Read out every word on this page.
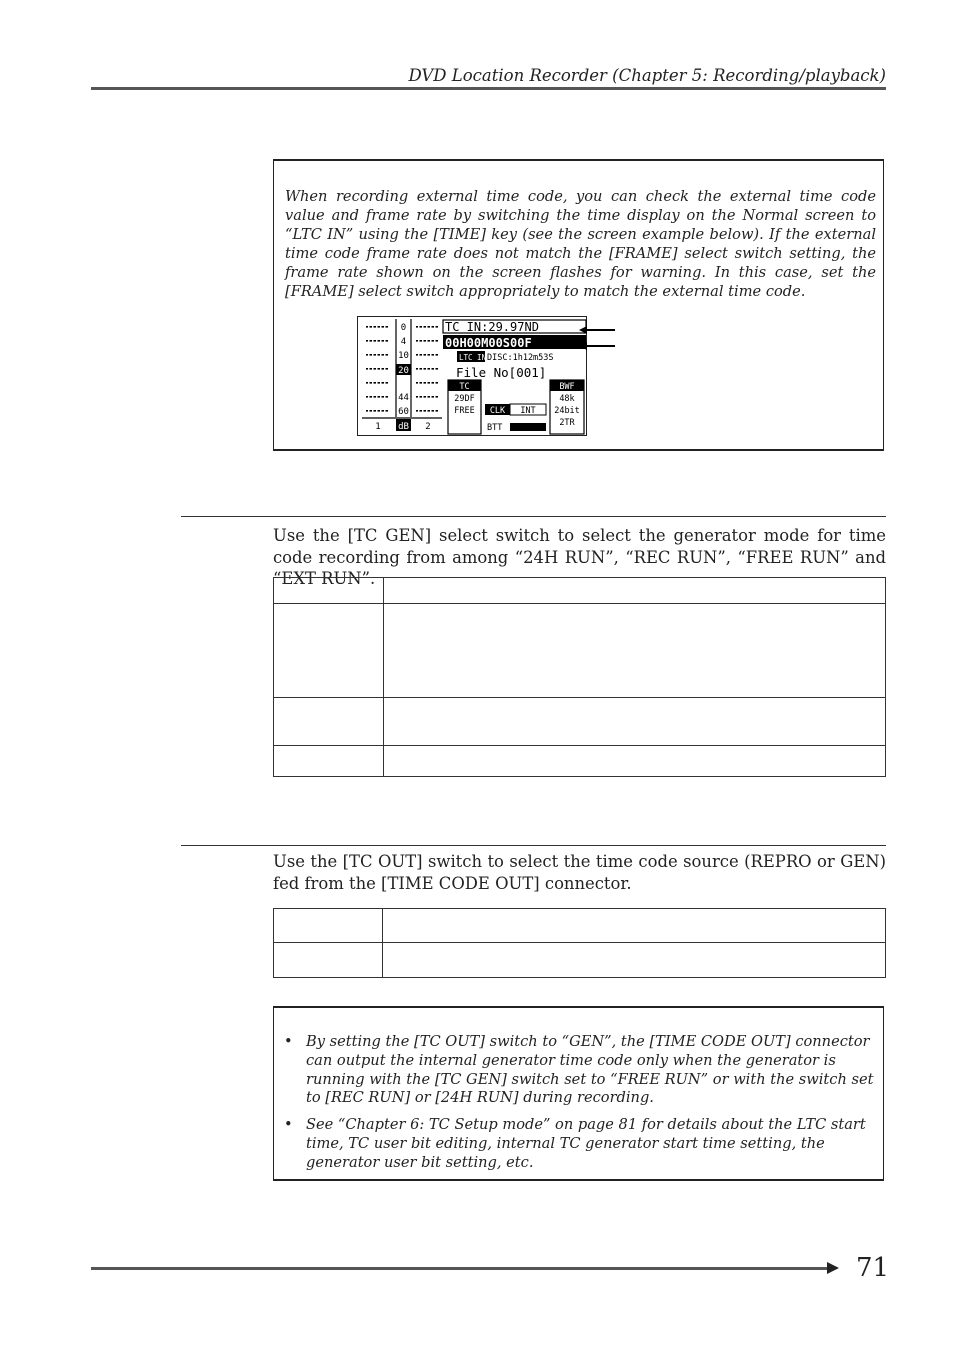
DVD Location Recorder (Chapter 5: Recording/playback)
When recording external time code, you can check the external time code value and frame rate by switching the time display on the Normal screen to “LTC IN” using the [TIME] key (see the screen example below). If the external time code frame rate does not match the [FRAME] select switch setting, the frame rate shown on the screen flashes for warning. In this case, set the [FRAME] select switch appropriately to match the external time code.
0
4
10
20
44
60
1 dB 2
TC IN:29.97ND
00H00M00S00F
LTC IN DISC:1h12m53S
File No[001]
TC
29DF
FREE CLK INT
BTT
BWF
48k
24bit
2TR
Use the [TC GEN] select switch to select the generator mode for time code recording from among “24H RUN”, “REC RUN”, “FREE RUN” and “EXT RUN”.

Use the [TC OUT] switch to select the time code source (REPRO or GEN) fed from the [TIME CODE OUT] connector.

• By setting the [TC OUT] switch to “GEN”, the [TIME CODE OUT] connector can output the internal generator time code only when the generator is running with the [TC GEN] switch set to “FREE RUN” or with the switch set to [REC RUN] or [24H RUN] during recording.
• See “Chapter 6: TC Setup mode” on page 81 for details about the LTC start time, TC user bit editing, internal TC generator start time setting, the generator user bit setting, etc.
71
